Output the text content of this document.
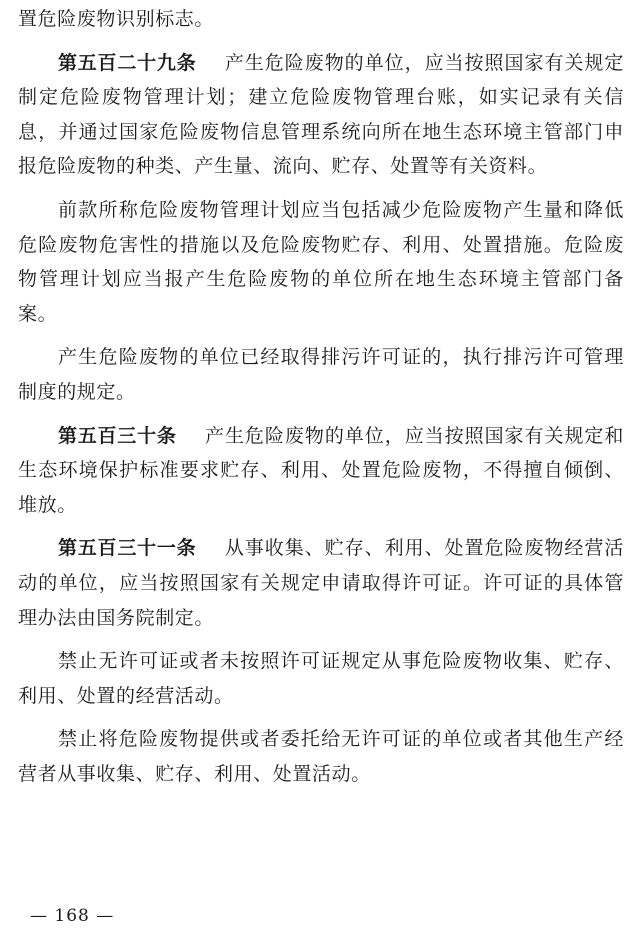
置危险废物识别标志。

第五百二十九条 产生危险废物的单位，应当按照国家有关规定制定危险废物管理计划；建立危险废物管理台账，如实记录有关信息，并通过国家危险废物信息管理系统向所在地生态环境主管部门申报危险废物的种类、产生量、流向、贮存、处置等有关资料。

前款所称危险废物管理计划应当包括减少危险废物产生量和降低危险废物危害性的措施以及危险废物贮存、利用、处置措施。危险废物管理计划应当报产生危险废物的单位所在地生态环境主管部门备案。

产生危险废物的单位已经取得排污许可证的，执行排污许可管理制度的规定。

第五百三十条 产生危险废物的单位，应当按照国家有关规定和生态环境保护标准要求贮存、利用、处置危险废物，不得擅自倾倒、堆放。

第五百三十一条 从事收集、贮存、利用、处置危险废物经营活动的单位，应当按照国家有关规定申请取得许可证。许可证的具体管理办法由国务院制定。

禁止无许可证或者未按照许可证规定从事危险废物收集、贮存、利用、处置的经营活动。

禁止将危险废物提供或者委托给无许可证的单位或者其他生产经营者从事收集、贮存、利用、处置活动。

— 168 —
